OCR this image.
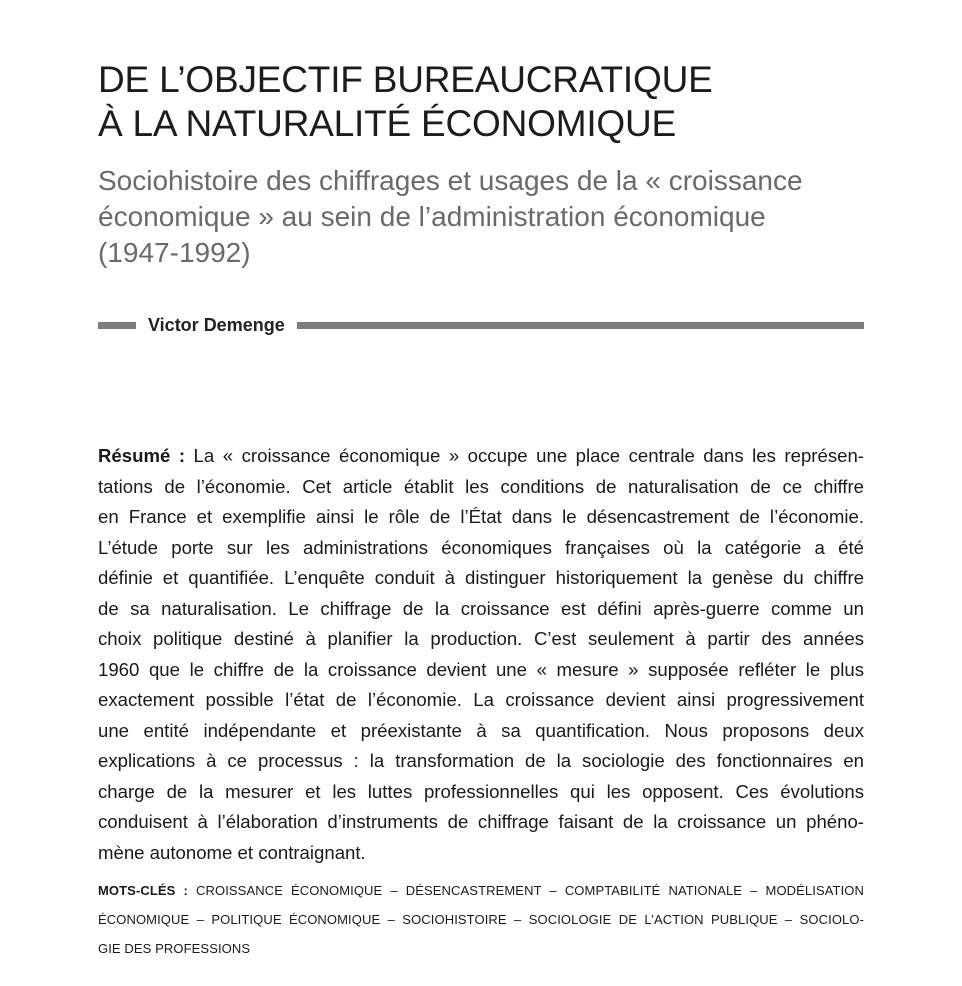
DE L’OBJECTIF BUREAUCRATIQUE
À LA NATURALITÉ ÉCONOMIQUE
Sociohistoire des chiffrages et usages de la « croissance
économique » au sein de l’administration économique
(1947-1992)
Victor Demenge
Résumé : La « croissance économique » occupe une place centrale dans les représen-
tations de l’économie. Cet article établit les conditions de naturalisation de ce chiffre
en France et exemplifie ainsi le rôle de l’État dans le désencastrement de l’économie.
L’étude porte sur les administrations économiques françaises où la catégorie a été
définie et quantifiée. L’enquête conduit à distinguer historiquement la genèse du chiffre
de sa naturalisation. Le chiffrage de la croissance est défini après-guerre comme un
choix politique destiné à planifier la production. C’est seulement à partir des années
1960 que le chiffre de la croissance devient une « mesure » supposée refléter le plus
exactement possible l’état de l’économie. La croissance devient ainsi progressivement
une entité indépendante et préexistante à sa quantification. Nous proposons deux
explications à ce processus : la transformation de la sociologie des fonctionnaires en
charge de la mesurer et les luttes professionnelles qui les opposent. Ces évolutions
conduisent à l’élaboration d’instruments de chiffrage faisant de la croissance un phéno-
mène autonome et contraignant.
MOTS-CLÉS : CROISSANCE ÉCONOMIQUE – DÉSENCASTREMENT – COMPTABILITÉ NATIONALE – MODÉLISATION
ÉCONOMIQUE – POLITIQUE ÉCONOMIQUE – SOCIOHISTOIRE – SOCIOLOGIE DE L’ACTION PUBLIQUE – SOCIOLO-
GIE DES PROFESSIONS
